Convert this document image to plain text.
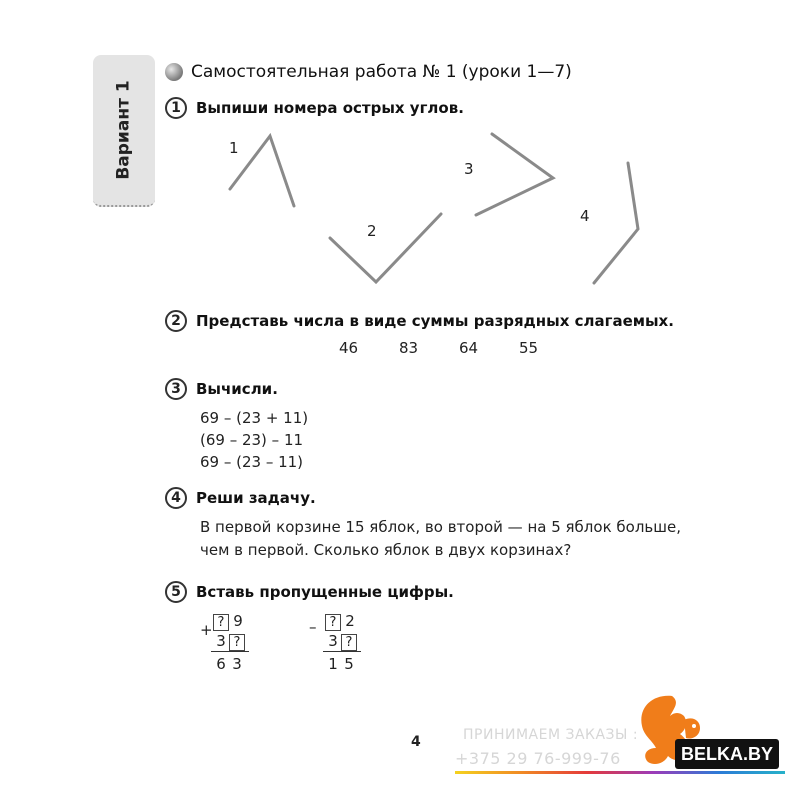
Вариант 1
Самостоятельная работа № 1 (уроки 1—7)
1	Выпиши номера острых углов.
1
2
3
4
2	Представь числа в виде суммы разрядных слагаемых.
46	83	64	55
3	Вычисли.
69 – (23 + 11)
(69 – 23) – 11
69 – (23 – 11)
4	Реши задачу.
В первой корзине 15 яблок, во второй — на 5 яблок больше,
чем в первой. Сколько яблок в двух корзинах?
5	Вставь пропущенные цифры.
+ ? 9
3 ?
6 3
–	? 2
3 ?
1 5
4	ПРИНИМАЕМ ЗАКАЗЫ :
+375 29 76-999-76	BELKA.BY
